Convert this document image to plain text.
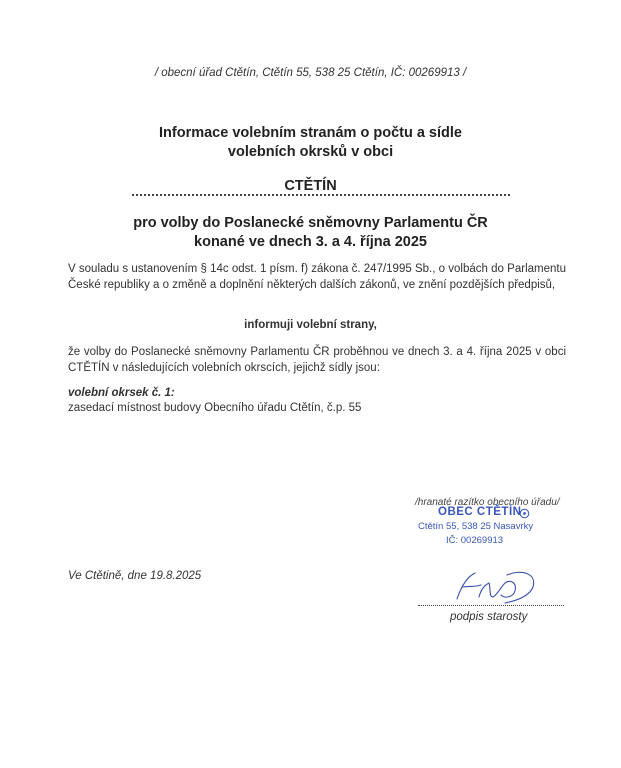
/ obecní úřad Ctětín, Ctětín 55, 538 25 Ctětín, IČ: 00269913 /
Informace volebním stranám o počtu a sídle
volebních okrsků v obci
CTĚTÍN
pro volby do Poslanecké sněmovny Parlamentu ČR
konané ve dnech 3. a 4. října 2025
V souladu s ustanovením § 14c odst. 1 písm. f) zákona č. 247/1995 Sb., o volbách do Parlamentu České republiky a o změně a doplnění některých dalších zákonů, ve znění pozdějších předpisů,
informuji volební strany,
že volby do Poslanecké sněmovny Parlamentu ČR proběhnou ve dnech 3. a 4. října 2025 v obci CTĚTÍN v následujících volebních okrscích, jejichž sídly jsou:
volební okrsek č. 1:
zasedací místnost budovy Obecního úřadu Ctětín, č.p. 55
/hranaté razítko obecního úřadu/
OBEC CTĚTÍN
Ctětín 55, 538 25 Nasavrky
IČ: 00269913
Ve Ctětině, dne 19.8.2025
podpis starosty
